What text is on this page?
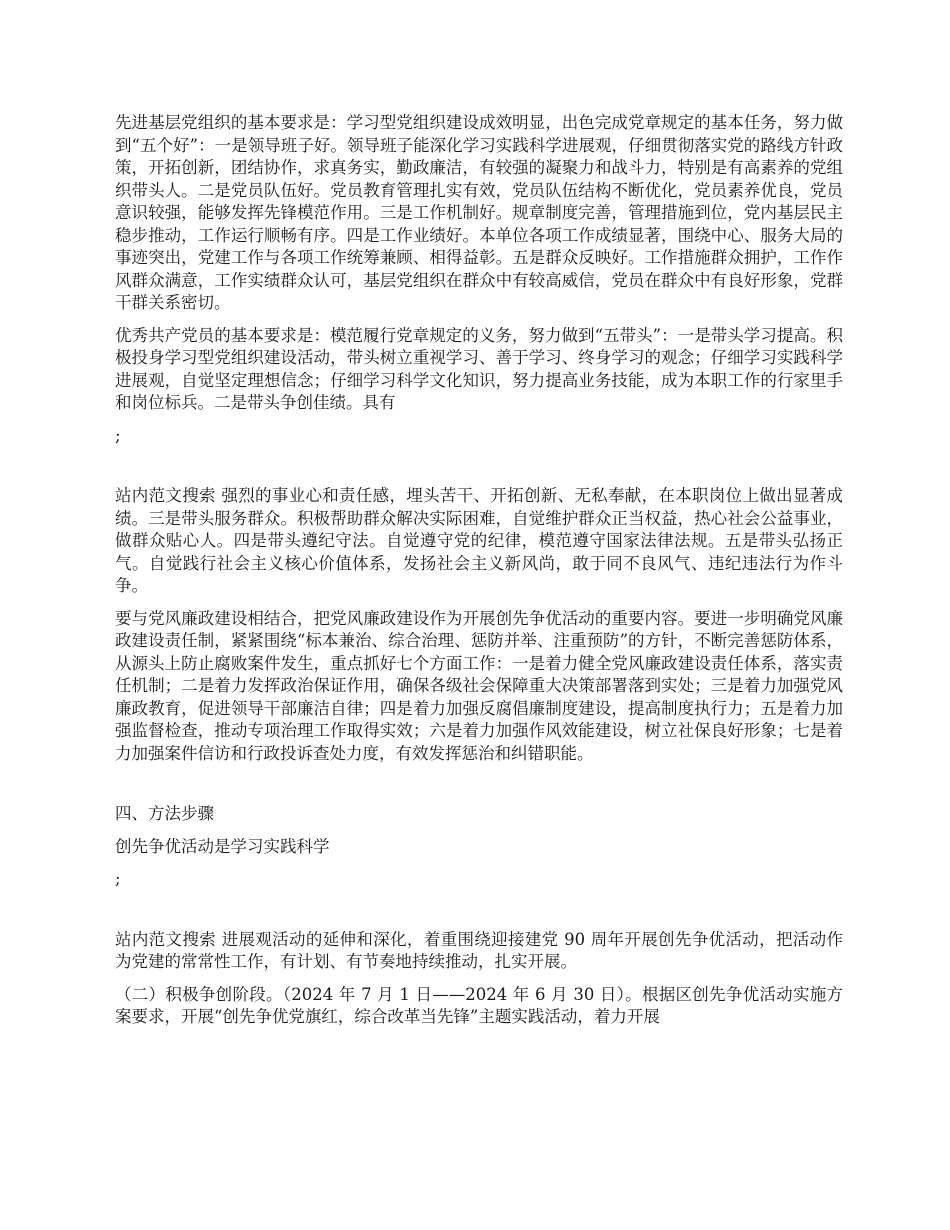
先进基层党组织的基本要求是：学习型党组织建设成效明显，出色完成党章规定的基本任务，努力做到“五个好”：一是领导班子好。领导班子能深化学习实践科学进展观，仔细贯彻落实党的路线方针政策，开拓创新，团结协作，求真务实，勤政廉洁，有较强的凝聚力和战斗力，特别是有高素养的党组织带头人。二是党员队伍好。党员教育管理扎实有效，党员队伍结构不断优化，党员素养优良，党员意识较强，能够发挥先锋模范作用。三是工作机制好。规章制度完善，管理措施到位，党内基层民主稳步推动，工作运行顺畅有序。四是工作业绩好。本单位各项工作成绩显著，围绕中心、服务大局的事迹突出，党建工作与各项工作统筹兼顾、相得益彰。五是群众反映好。工作措施群众拥护，工作作风群众满意，工作实绩群众认可，基层党组织在群众中有较高威信，党员在群众中有良好形象，党群干群关系密切。

优秀共产党员的基本要求是：模范履行党章规定的义务，努力做到“五带头”：一是带头学习提高。积极投身学习型党组织建设活动，带头树立重视学习、善于学习、终身学习的观念；仔细学习实践科学进展观，自觉坚定理想信念；仔细学习科学文化知识，努力提高业务技能，成为本职工作的行家里手和岗位标兵。二是带头争创佳绩。具有

;

站内范文搜索 强烈的事业心和责任感，埋头苦干、开拓创新、无私奉献，在本职岗位上做出显著成绩。三是带头服务群众。积极帮助群众解决实际困难，自觉维护群众正当权益，热心社会公益事业，做群众贴心人。四是带头遵纪守法。自觉遵守党的纪律，模范遵守国家法律法规。五是带头弘扬正气。自觉践行社会主义核心价值体系，发扬社会主义新风尚，敢于同不良风气、违纪违法行为作斗争。

要与党风廉政建设相结合，把党风廉政建设作为开展创先争优活动的重要内容。要进一步明确党风廉政建设责任制，紧紧围绕“标本兼治、综合治理、惩防并举、注重预防”的方针，不断完善惩防体系，从源头上防止腐败案件发生，重点抓好七个方面工作：一是着力健全党风廉政建设责任体系，落实责任机制；二是着力发挥政治保证作用，确保各级社会保障重大决策部署落到实处；三是着力加强党风廉政教育，促进领导干部廉洁自律；四是着力加强反腐倡廉制度建设，提高制度执行力；五是着力加强监督检查，推动专项治理工作取得实效；六是着力加强作风效能建设，树立社保良好形象；七是着力加强案件信访和行政投诉查处力度，有效发挥惩治和纠错职能。

四、方法步骤

创先争优活动是学习实践科学

;

站内范文搜索 进展观活动的延伸和深化，着重围绕迎接建党 90 周年开展创先争优活动，把活动作为党建的常常性工作，有计划、有节奏地持续推动，扎实开展。

（二）积极争创阶段。（2024 年 7 月 1 日——2024 年 6 月 30 日）。根据区创先争优活动实施方案要求，开展“创先争优党旗红，综合改革当先锋”主题实践活动，着力开展
